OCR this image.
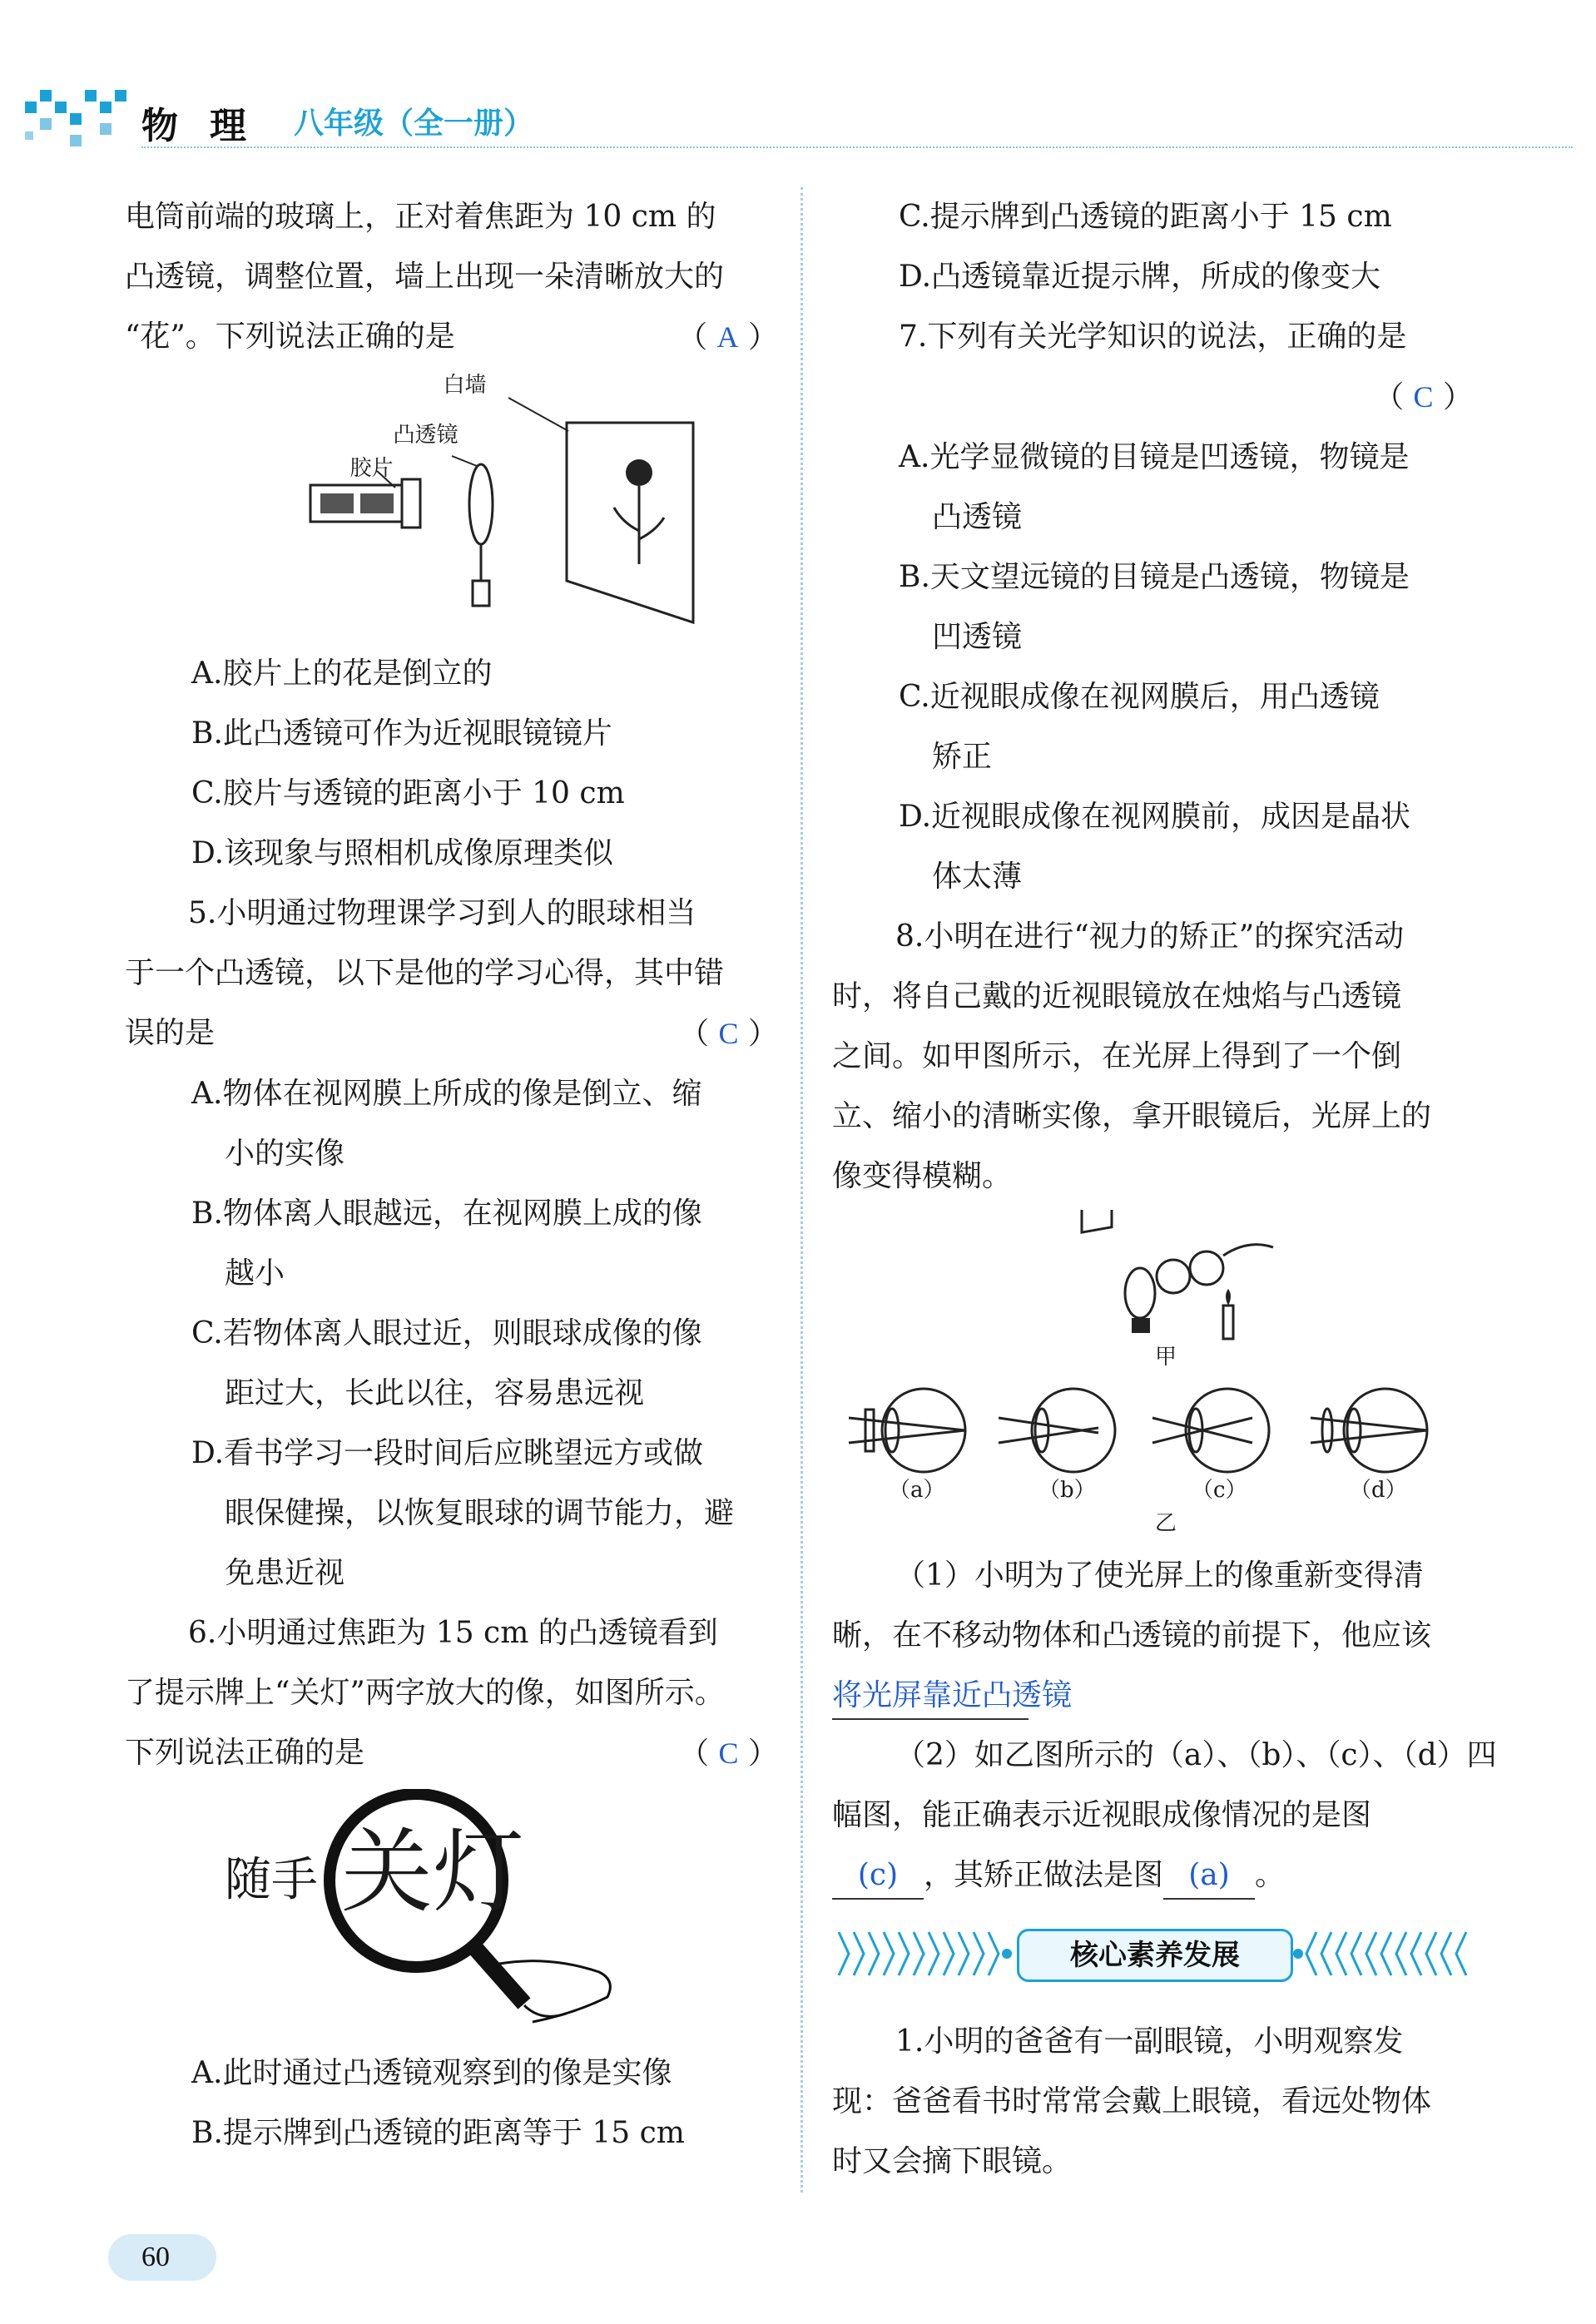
物理 八年级（全一册）

电筒前端的玻璃上，正对着焦距为 10 cm 的

凸透镜，调整位置，墙上出现一朵清晰放大的

“花”。下列说法正确的是	（ A ）
白墙
凸透镜
胶片

A.胶片上的花是倒立的

B.此凸透镜可作为近视眼镜镜片

C.胶片与透镜的距离小于 10 cm

D.该现象与照相机成像原理类似

5.小明通过物理课学习到人的眼球相当

于一个凸透镜，以下是他的学习心得，其中错

误的是	（ C ）

A.物体在视网膜上所成的像是倒立、缩

小的实像

B.物体离人眼越远，在视网膜上成的像

越小

C.若物体离人眼过近，则眼球成像的像

距过大，长此以往，容易患远视

D.看书学习一段时间后应眺望远方或做

眼保健操，以恢复眼球的调节能力，避

免患近视

6.小明通过焦距为 15 cm 的凸透镜看到

了提示牌上“关灯”两字放大的像，如图所示。

下列说法正确的是	（ C ）
随手 关灯

A.此时通过凸透镜观察到的像是实像

B.提示牌到凸透镜的距离等于 15 cm

C.提示牌到凸透镜的距离小于 15 cm

D.凸透镜靠近提示牌，所成的像变大

7.下列有关光学知识的说法，正确的是

（ C ）

A.光学显微镜的目镜是凹透镜，物镜是

凸透镜

B.天文望远镜的目镜是凸透镜，物镜是

凹透镜

C.近视眼成像在视网膜后，用凸透镜

矫正

D.近视眼成像在视网膜前，成因是晶状

体太薄

8.小明在进行“视力的矫正”的探究活动

时，将自己戴的近视眼镜放在烛焰与凸透镜

之间。如甲图所示，在光屏上得到了一个倒

立、缩小的清晰实像，拿开眼镜后，光屏上的

像变得模糊。

甲
（a）	（b）	（c）	（d）
乙

（1）小明为了使光屏上的像重新变得清

晰，在不移动物体和凸透镜的前提下，他应该

将光屏靠近凸透镜

（2）如乙图所示的（a）、（b）、（c）、（d）四

幅图，能正确表示近视眼成像情况的是图

(c) ，其矫正做法是图 (a) 。

核心素养发展

1.小明的爸爸有一副眼镜，小明观察发

现：爸爸看书时常常会戴上眼镜，看远处物体

时又会摘下眼镜。

60
